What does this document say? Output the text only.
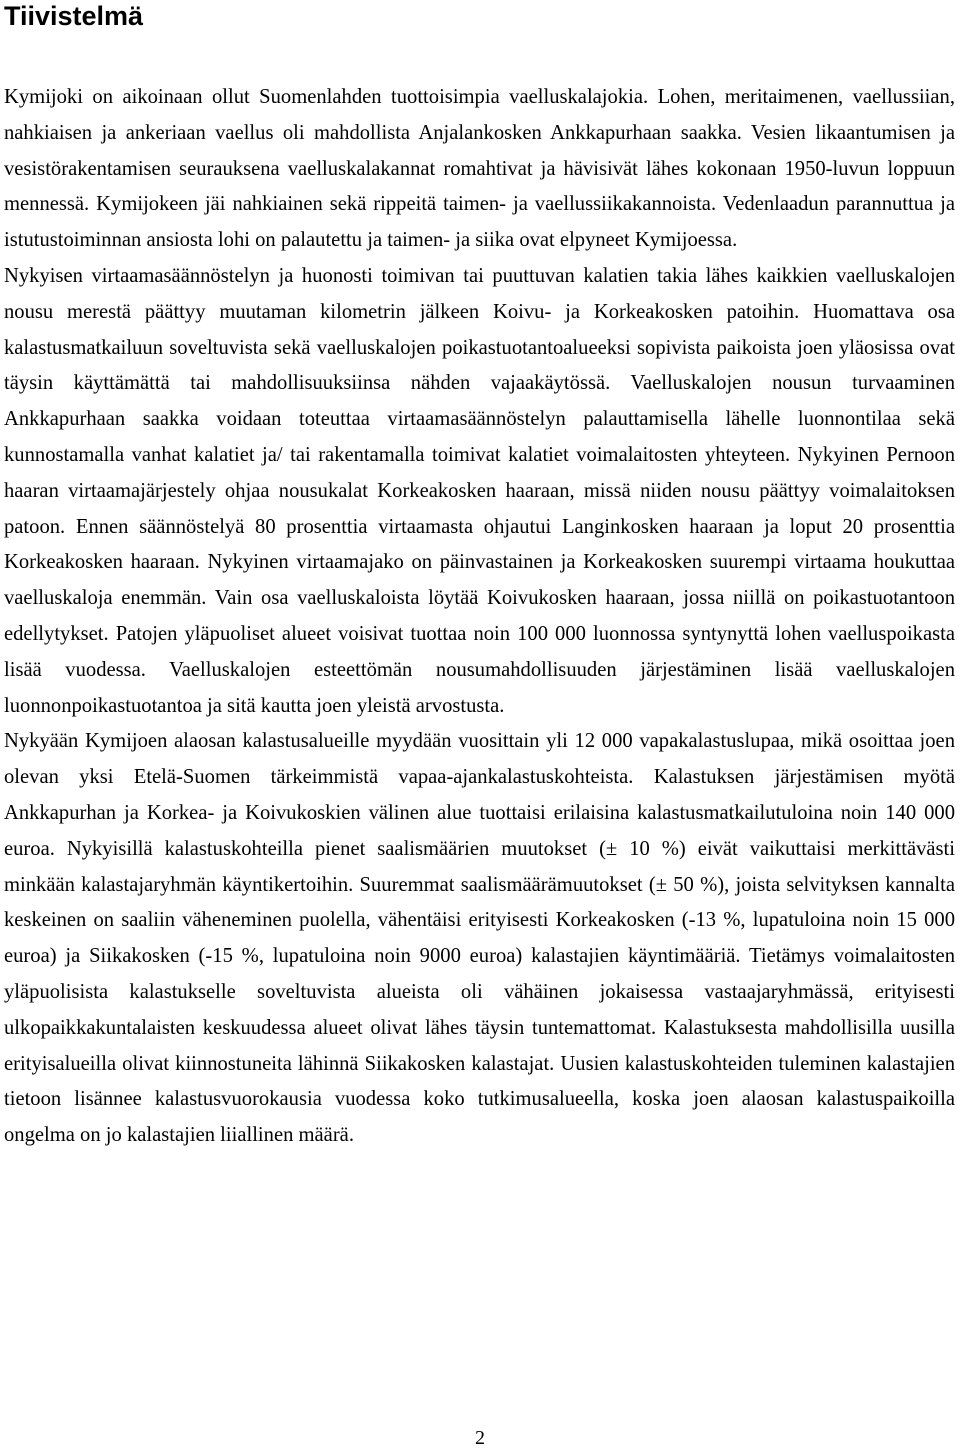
Tiivistelmä

Kymijoki on aikoinaan ollut Suomenlahden tuottoisimpia vaelluskalajokia. Lohen, meritaimenen, vaellussiian, nahkiaisen ja ankeriaan vaellus oli mahdollista Anjalankosken Ankkapurhaan saakka. Vesien likaantumisen ja vesistörakentamisen seurauksena vaelluskalakannat romahtivat ja hävisivät lähes kokonaan 1950-luvun loppuun mennessä. Kymijokeen jäi nahkiainen sekä rippeitä taimen- ja vaellussiikakannoista. Vedenlaadun parannuttua ja istutustoiminnan ansiosta lohi on palautettu ja taimen- ja siika ovat elpyneet Kymijoessa.

Nykyisen virtaamasäännöstelyn ja huonosti toimivan tai puuttuvan kalatien takia lähes kaikkien vaelluskalojen nousu merestä päättyy muutaman kilometrin jälkeen Koivu- ja Korkeakosken patoihin. Huomattava osa kalastusmatkailuun soveltuvista sekä vaelluskalojen poikastuotantoalueeksi sopivista paikoista joen yläosissa ovat täysin käyttämättä tai mahdollisuuksiinsa nähden vajaakäytössä. Vaelluskalojen nousun turvaaminen Ankkapurhaan saakka voidaan toteuttaa virtaamasäännöstelyn palauttamisella lähelle luonnontilaa sekä kunnostamalla vanhat kalatiet ja/ tai rakentamalla toimivat kalatiet voimalaitosten yhteyteen. Nykyinen Pernoon haaran virtaamajärjestely ohjaa nousukalat Korkeakosken haaraan, missä niiden nousu päättyy voimalaitoksen patoon. Ennen säännöstelyä 80 prosenttia virtaamasta ohjautui Langinkosken haaraan ja loput 20 prosenttia Korkeakosken haaraan. Nykyinen virtaamajako on päinvastainen ja Korkeakosken suurempi virtaama houkuttaa vaelluskaloja enemmän. Vain osa vaelluskaloista löytää Koivukosken haaraan, jossa niillä on poikastuotantoon edellytykset. Patojen yläpuoliset alueet voisivat tuottaa noin 100 000 luonnossa syntynyttä lohen vaelluspoikasta lisää vuodessa. Vaelluskalojen esteettömän nousumahdollisuuden järjestäminen lisää vaelluskalojen luonnonpoikastuotantoa ja sitä kautta joen yleistä arvostusta.

Nykyään Kymijoen alaosan kalastusalueille myydään vuosittain yli 12 000 vapakalastuslupaa, mikä osoittaa joen olevan yksi Etelä-Suomen tärkeimmistä vapaa-ajankalastuskohteista. Kalastuksen järjestämisen myötä Ankkapurhan ja Korkea- ja Koivukoskien välinen alue tuottaisi erilaisina kalastusmatkailutuloina noin 140 000 euroa. Nykyisillä kalastuskohteilla pienet saalismäärien muutokset (± 10 %) eivät vaikuttaisi merkittävästi minkään kalastajaryhmän käyntikertoihin. Suuremmat saalismäärämuutokset (± 50 %), joista selvityksen kannalta keskeinen on saaliin väheneminen puolella, vähentäisi erityisesti Korkeakosken (-13 %, lupatuloina noin 15 000 euroa) ja Siikakosken (-15 %, lupatuloina noin 9000 euroa) kalastajien käyntimääriä. Tietämys voimalaitosten yläpuolisista kalastukselle soveltuvista alueista oli vähäinen jokaisessa vastaajaryhmässä, erityisesti ulkopaikkakuntalaisten keskuudessa alueet olivat lähes täysin tuntemattomat. Kalastuksesta mahdollisilla uusilla erityisalueilla olivat kiinnostuneita lähinnä Siikakosken kalastajat. Uusien kalastuskohteiden tuleminen kalastajien tietoon lisännee kalastusvuorokausia vuodessa koko tutkimusalueella, koska joen alaosan kalastuspaikoilla ongelma on jo kalastajien liiallinen määrä.

2
